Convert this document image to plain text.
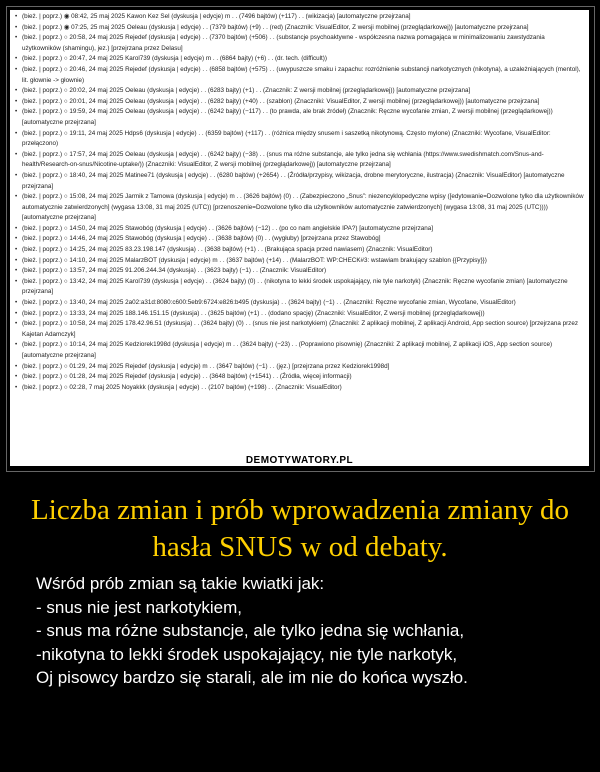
• (bież. | poprz.) ◉ 08:42, 25 maj 2025 Kawon Kez Sel (dyskusja | edycje) m . . (7496 bajtów) (+117) . . (wikizacja) [automatyczne przejrzana]
• (bież. | poprz.) ◉ 07:25, 25 maj 2025 Oeleau (dyskusja | edycje) . . (7379 bajtów) (+9) . . (red) (Znacznik: VisualEditor, Z wersji mobilnej (przeglądarkowej)) [automatyczne przejrzana]
• (bież. | poprz.) ○ 20:58, 24 maj 2025 Rejedef (dyskusja | edycje) . . (7370 bajtów) (+506) . . (substancje psychoaktywne - współczesna nazwa pomagająca w minimalizowaniu zawstydzania użytkowników (shamingu), jez.) [przejrzana przez Delasu]
• (bież. | poprz.) ○ 20:47, 24 maj 2025 Karol739 (dyskusja | edycje) m . . (6864 bajty) (+6) . . (dr. tech. (difficult))
• (bież. | poprz.) ○ 20:46, 24 maj 2025 Rejedef (dyskusja | edycje) . . (6858 bajtów) (+575) . . (uwypuszcze smaku i zapachu: rozróżnienie substancji narkotycznych (nikotyna), a uzależniających (mentol), lit. głownie -> głownie)
• (bież. | poprz.) ○ 20:02, 24 maj 2025 Oeleau (dyskusja | edycje) . . (6283 bajty) (+1) . . (Znacznik: Z wersji mobilnej (przeglądarkowej)) [automatyczne przejrzana]
• (bież. | poprz.) ○ 20:01, 24 maj 2025 Oeleau (dyskusja | edycje) . . (6282 bajty) (+40) . . (szablon) (Znaczniki: VisualEditor, Z wersji mobilnej (przeglądarkowej)) [automatyczne przejrzana]
• (bież. | poprz.) ○ 19:59, 24 maj 2025 Oeleau (dyskusja | edycje) . . (6242 bajty) (−117) . . (to prawda, ale brak źródeł) (Znacznik: Ręczne wycofanie zmian, Z wersji mobilnej (przeglądarkowej)) [automatyczne przejrzana]
• (bież. | poprz.) ○ 19:11, 24 maj 2025 Hdps6 (dyskusja | edycje) . . (6359 bajtów) (+117) . . (różnica między snusem i saszetką nikotynową. Często mylone) (Znaczniki: Wycofane, VisualEditor: przełączono)
• (bież. | poprz.) ○ 17:57, 24 maj 2025 Oeleau (dyskusja | edycje) . . (6242 bajty) (−38) . . (snus ma różne substancje, ale tylko jedna się wchłania (https://www.swedishmatch.com/Snus-and-health/Research-on-snus/Nicotine-uptake/)) (Znaczniki: VisualEditor, Z wersji mobilnej (przeglądarkowej)) [automatyczne przejrzana]
• (bież. | poprz.) ○ 18:40, 24 maj 2025 Matinee71 (dyskusja | edycje) . . (6280 bajtów) (+2654) . . (Źródła/przypisy, wikizacja, drobne merytoryczne, ilustracja) (Znacznik: VisualEditor) [automatyczne przejrzana]
• (bież. | poprz.) ○ 15:08, 24 maj 2025 Jarmik z Tarnowa (dyskusja | edycje) m . . (3626 bajtów) (0) . . (Zabezpieczono „Snus”: niezencyklopedyczne wpisy ([edytowanie=Dozwolone tylko dla użytkowników automatycznie zatwierdzonych] (wygasa 13:08, 31 maj 2025 (UTC)) [przenoszenie=Dozwolone tylko dla użytkowników automatycznie zatwierdzonych] (wygasa 13:08, 31 maj 2025 (UTC)))) [automatyczne przejrzana]
• (bież. | poprz.) ○ 14:50, 24 maj 2025 Stawobóg (dyskusja | edycje) . . (3626 bajtów) (−12) . . (po co nam angielskie IPA?) [automatyczne przejrzana]
• (bież. | poprz.) ○ 14:46, 24 maj 2025 Stawobóg (dyskusja | edycje) . . (3638 bajtów) (0) . . (wygłuby) [przejrzana przez Stawobóg]
• (bież. | poprz.) ○ 14:25, 24 maj 2025 83.23.198.147 (dyskusja) . . (3638 bajtów) (+1) . . (Brakująca spacja przed nawiasem) (Znacznik: VisualEditor)
• (bież. | poprz.) ○ 14:10, 24 maj 2025 MalarzBOT (dyskusja | edycje) m . . (3637 bajtów) (+14) . . (MalarzBOT: WP:CHECK#3: wstawiam brakujący szablon {{Przypisy}})
• (bież. | poprz.) ○ 13:57, 24 maj 2025 91.206.244.34 (dyskusja) . . (3623 bajty) (−1) . . (Znacznik: VisualEditor)
• (bież. | poprz.) ○ 13:42, 24 maj 2025 Karol739 (dyskusja | edycje) . . (3624 bajty) (0) . . (nikotyna to lekki środek uspokajający, nie tyle narkotyk) (Znacznik: Ręczne wycofanie zmian) [automatyczne przejrzana]
• (bież. | poprz.) ○ 13:40, 24 maj 2025 2a02:a31d:8080:c600:5eb9:6724:e826:b495 (dyskusja) . . (3624 bajty) (−1) . . (Znaczniki: Ręczne wycofanie zmian, Wycofane, VisualEditor)
• (bież. | poprz.) ○ 13:33, 24 maj 2025 188.146.151.15 (dyskusja) . . (3625 bajtów) (+1) . . (dodano spację) (Znaczniki: VisualEditor, Z wersji mobilnej (przeglądarkowej))
• (bież. | poprz.) ○ 10:58, 24 maj 2025 178.42.96.51 (dyskusja) . . (3624 bajty) (0) . . (snus nie jest narkotykiem) (Znaczniki: Z aplikacji mobilnej, Z aplikacji Android, App section source) [przejrzana przez Kajetan Adamczyk]
• (bież. | poprz.) ○ 10:14, 24 maj 2025 Kedziorek1998d (dyskusja | edycje) m . . (3624 bajty) (−23) . . (Poprawiono pisownię) (Znaczniki: Z aplikacji mobilnej, Z aplikacji iOS, App section source) [automatyczne przejrzana]
• (bież. | poprz.) ○ 01:29, 24 maj 2025 Rejedef (dyskusja | edycje) m . . (3647 bajtów) (−1) . . (jęz.) [przejrzana przez Kedziorek1998d]
• (bież. | poprz.) ○ 01:28, 24 maj 2025 Rejedef (dyskusja | edycje) . . (3648 bajtów) (+1541) . . (Źródła, więcej informacji)
• (bież. | poprz.) ○ 02:28, 7 maj 2025 Noyakkk (dyskusja | edycje) . . (2107 bajtów) (+198) . . (Znacznik: VisualEditor)
DEMOTYWATORY.PL
Liczba zmian i prób wprowadzenia zmiany do hasła SNUS w od debaty.
Wśród prób zmian są takie kwiatki jak:
- snus nie jest narkotykiem,
- snus ma różne substancje, ale tylko jedna się wchłania,
-nikotyna to lekki środek uspokajający, nie tyle narkotyk,
Oj pisowcy bardzo się starali, ale im nie do końca wyszło.
